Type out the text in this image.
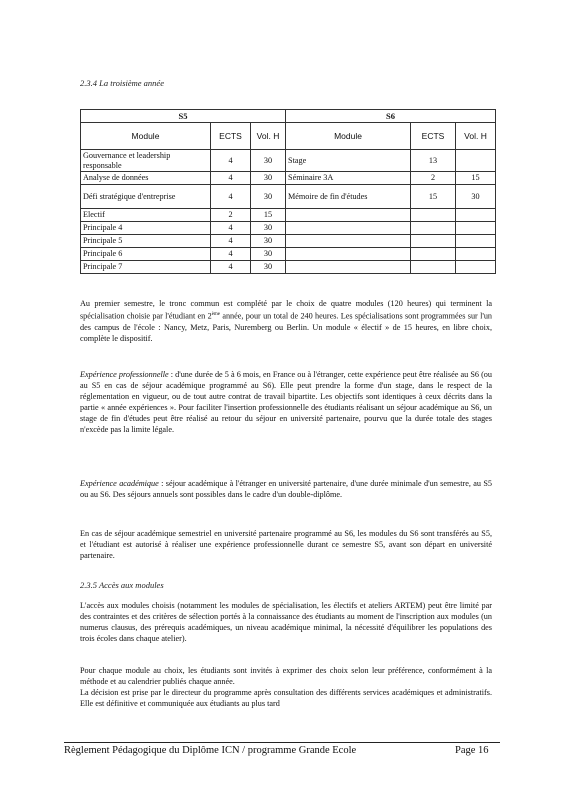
2.3.4 La troisième année
S5			S6		
Module	ECTS	Vol. H	Module	ECTS	Vol. H
Gouvernance et leadership responsable	4	30	Stage	13	
Analyse de données	4	30	Séminaire 3A	2	15
Défi stratégique d'entreprise	4	30	Mémoire de fin d'études	15	30
Electif	2	15			
Principale 4	4	30			
Principale 5	4	30			
Principale 6	4	30			
Principale 7	4	30			

Au premier semestre, le tronc commun est complété par le choix de quatre modules (120 heures) qui terminent la spécialisation choisie par l'étudiant en 2ème année, pour un total de 240 heures. Les spécialisations sont programmées sur l'un des campus de l'école : Nancy, Metz, Paris, Nuremberg ou Berlin. Un module « électif » de 15 heures, en libre choix, complète le dispositif.

Expérience professionnelle : d'une durée de 5 à 6 mois, en France ou à l'étranger, cette expérience peut être réalisée au S6 (ou au S5 en cas de séjour académique programmé au S6). Elle peut prendre la forme d'un stage, dans le respect de la réglementation en vigueur, ou de tout autre contrat de travail bipartite. Les objectifs sont identiques à ceux décrits dans la partie « année expériences ». Pour faciliter l'insertion professionnelle des étudiants réalisant un séjour académique au S6, un stage de fin d'études peut être réalisé au retour du séjour en université partenaire, pourvu que la durée totale des stages n'excède pas la limite légale.

Expérience académique : séjour académique à l'étranger en université partenaire, d'une durée minimale d'un semestre, au S5 ou au S6. Des séjours annuels sont possibles dans le cadre d'un double-diplôme.

En cas de séjour académique semestriel en université partenaire programmé au S6, les modules du S6 sont transférés au S5, et l'étudiant est autorisé à réaliser une expérience professionnelle durant ce semestre S5, avant son départ en université partenaire.

2.3.5 Accès aux modules

L'accès aux modules choisis (notamment les modules de spécialisation, les électifs et ateliers ARTEM) peut être limité par des contraintes et des critères de sélection portés à la connaissance des étudiants au moment de l'inscription aux modules (un numerus clausus, des prérequis académiques, un niveau académique minimal, la nécessité d'équilibrer les populations des trois écoles dans chaque atelier).

Pour chaque module au choix, les étudiants sont invités à exprimer des choix selon leur préférence, conformément à la méthode et au calendrier publiés chaque année.

La décision est prise par le directeur du programme après consultation des différents services académiques et administratifs. Elle est définitive et communiquée aux étudiants au plus tard

Règlement Pédagogique du Diplôme ICN / programme Grande Ecole	Page 16
